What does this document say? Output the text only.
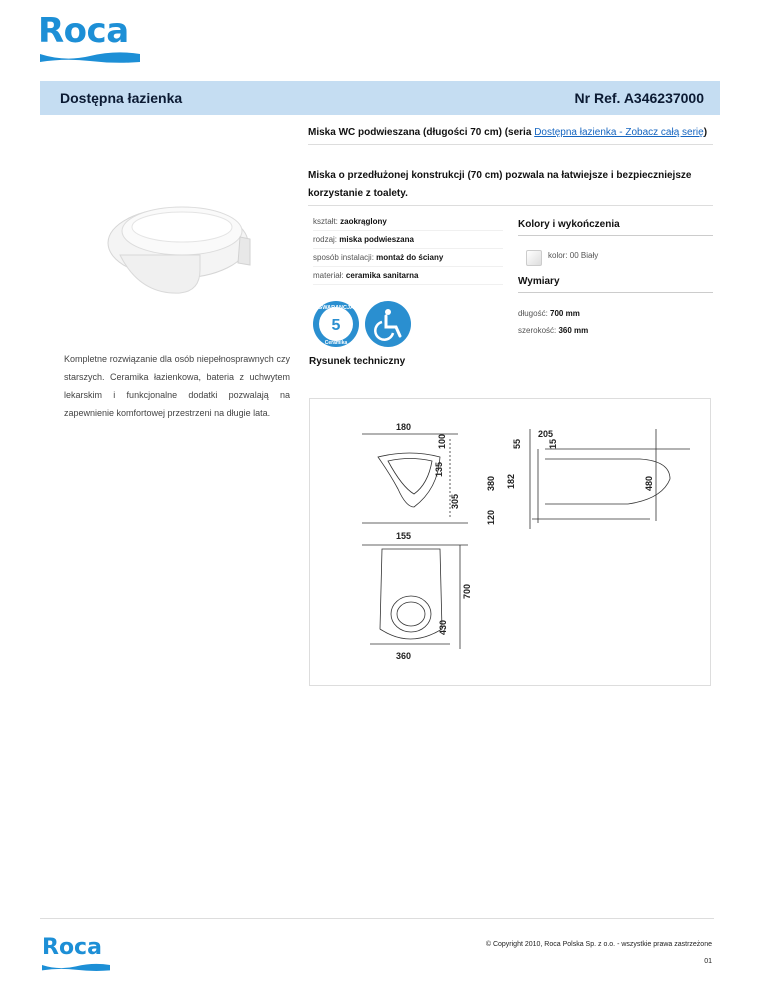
Roca
Dostępna łazienka	Nr Ref. A346237000
Kompletne rozwiązanie dla osób niepełnosprawnych czy starszych. Ceramika łazienkowa, bateria z uchwytem lekarskim i funkcjonalne dodatki pozwalają na zapewnienie komfortowej przestrzeni na długie lata.
Miska WC podwieszana (długości 70 cm) (seria Dostępna łazienka - Zobacz całą serię)
Miska o przedłużonej konstrukcji (70 cm) pozwala na łatwiejsze i bezpieczniejsze korzystanie z toalety.
kształt: zaokrąglony
rodzaj: miska podwieszana
sposób instalacji: montaż do ściany
materiał: ceramika sanitarna
Kolory i wykończenia
kolor: 00 Biały
Wymiary
długość: 700 mm
szerokość: 360 mm
GWARANCJA
5
Ceramika
Rysunek techniczny
180
100
135
305
155
430
700
360
205
15
55
380 182
120
480
Roca	© Copyright 2010, Roca Polska Sp. z o.o. - wszystkie prawa zastrzeżone
01
